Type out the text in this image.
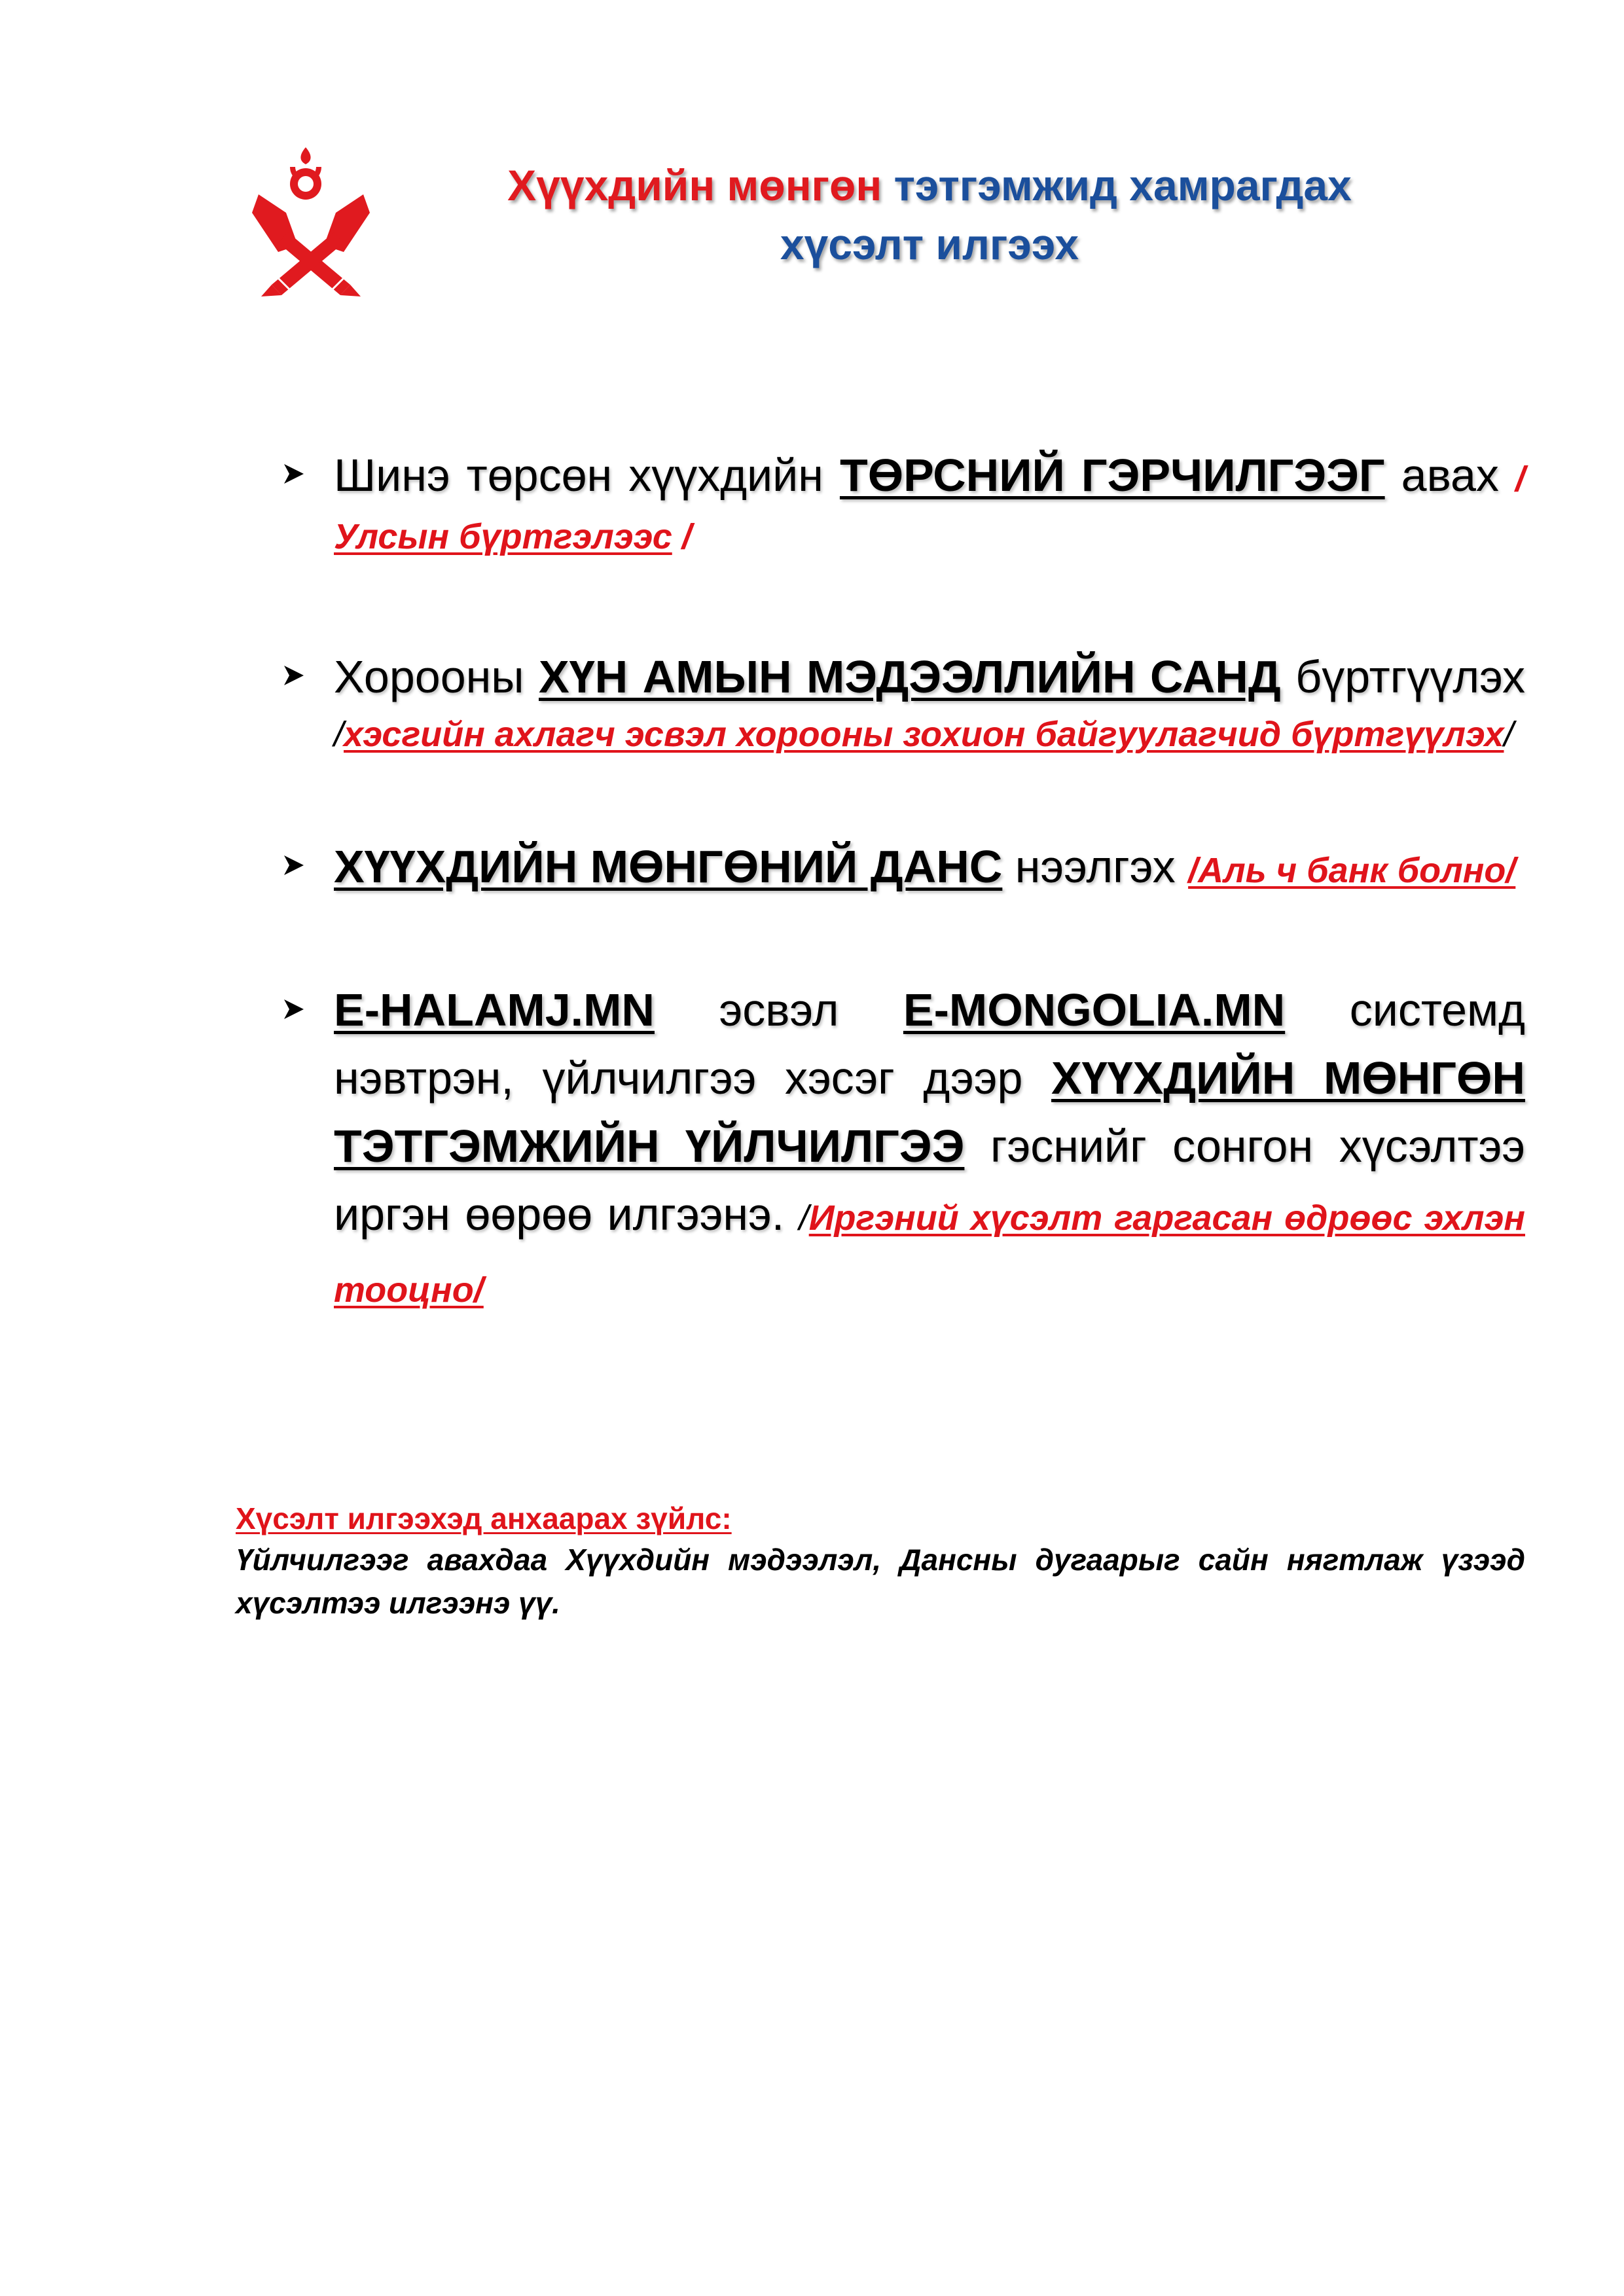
Хүүхдийн мөнгөн тэтгэмжид хамрагдах
хүсэлт илгээх

Шинэ төрсөн хүүхдийн ТӨРСНИЙ ГЭРЧИЛГЭЭГ авах / Улсын бүртгэлээс /

Хорооны ХҮН АМЫН МЭДЭЭЛЛИЙН САНД бүртгүүлэх /хэсгийн ахлагч эсвэл хорооны зохион байгуулагчид бүртгүүлэх/

ХҮҮХДИЙН МӨНГӨНИЙ ДАНС нээлгэх /Аль ч банк болно/

E-HALAMJ.MN эсвэл E-MONGOLIA.MN системд нэвтрэн, үйлчилгээ хэсэг дээр ХҮҮХДИЙН МӨНГӨН ТЭТГЭМЖИЙН ҮЙЛЧИЛГЭЭ гэснийг сонгон хүсэлтээ иргэн өөрөө илгээнэ. /Иргэний хүсэлт гаргасан өдрөөс эхлэн тооцно/

Хүсэлт илгээхэд анхаарах зүйлс:

Үйлчилгээг авахдаа Хүүхдийн мэдээлэл, Дансны дугаарыг сайн нягтлаж үзээд хүсэлтээ илгээнэ үү.
